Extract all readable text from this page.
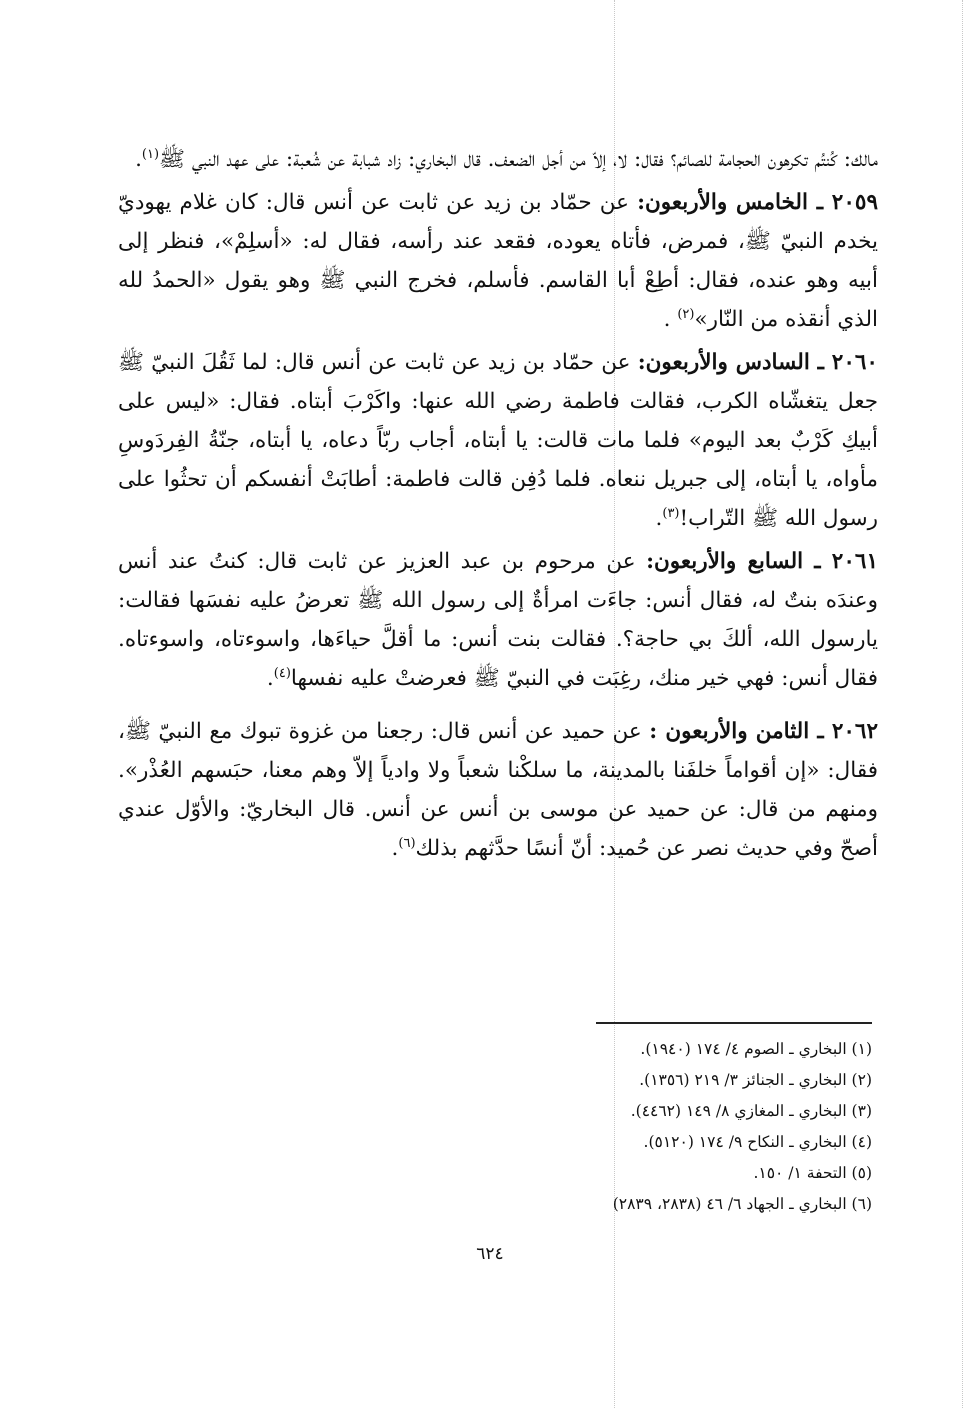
مالك: كُنتُم تكرهون الحجامة للصائم؟ فقال: لا، إلاّ من أجل الضعف. قال البخاري: زاد شبابة عن شُعبة: على عهد النبي ﷺ$^{(١)}$.

٢٠٥٩ ـ الخامس والأربعون: عن حمّاد بن زيد عن ثابت عن أنس قال: كان غلام يهوديّ يخدم النبيّ ﷺ، فمرض، فأتاه يعوده، فقعد عند رأسه، فقال له: «أسلِمْ»، فنظر إلى أبيه وهو عنده، فقال: أطِعْ أبا القاسم. فأسلم، فخرج النبي ﷺ وهو يقول «الحمدُ لله الذي أنقذه من النّار»$^{(٢)}$ .

٢٠٦٠ ـ السادس والأربعون: عن حمّاد بن زيد عن ثابت عن أنس قال: لما ثَقُلَ النبيّ ﷺ جعل يتغشّاه الكرب، فقالت فاطمة رضي الله عنها: واكَرْبَ أبتاه. فقال: «ليس على أبيكِ كَرْبٌ بعد اليوم» فلما مات قالت: يا أبتاه، أجاب ربّاً دعاه، يا أبتاه، جنّةُ الفِردَوسِ مأواه، يا أبتاه، إلى جبريل ننعاه. فلما دُفِن قالت فاطمة: أطابَتْ أنفسكم أن تحثُوا على رسول الله ﷺ التّراب!$^{(٣)}$.

٢٠٦١ ـ السابع والأربعون: عن مرحوم بن عبد العزيز عن ثابت قال: كنتُ عند أنس وعندَه بنتٌ له، فقال أنس: جاءَت امرأةٌ إلى رسول الله ﷺ تعرضُ عليه نفسَها فقالت: يارسول الله، ألكَ بي حاجة؟. فقالت بنت أنس: ما أقلَّ حياءَها، واسوءتاه، واسوءتاه. فقال أنس: فهي خير منك، رغِبَت في النبيّ ﷺ فعرضتْ عليه نفسها$^{(٤)}$.

٢٠٦٢ ـ الثامن والأربعون : عن حميد عن أنس قال: رجعنا من غزوة تبوك مع النبيّ ﷺ، فقال: «إن أقواماً خلفَنا بالمدينة، ما سلكْنا شعباً ولا وادياً إلاّ وهم معنا، حبَسهم العُذْر». ومنهم من قال: عن حميد عن موسى بن أنس عن أنس. قال البخاريّ: والأوّل عندي أصحّ وفي حديث نصر عن حُميد: أنّ أنسًا حدَّثهم بذلك$^{(٦)}$.

(١) البخاري ـ الصوم ٤/ ١٧٤ (١٩٤٠).
(٢) البخاري ـ الجنائز ٣/ ٢١٩ (١٣٥٦).
(٣) البخاري ـ المغازي ٨/ ١٤٩ (٤٤٦٢).
(٤) البخاري ـ النكاح ٩/ ١٧٤ (٥١٢٠).
(٥) التحفة ١/ ١٥٠.
(٦) البخاري ـ الجهاد ٦/ ٤٦ (٢٨٣٨، ٢٨٣٩)
٦٢٤
